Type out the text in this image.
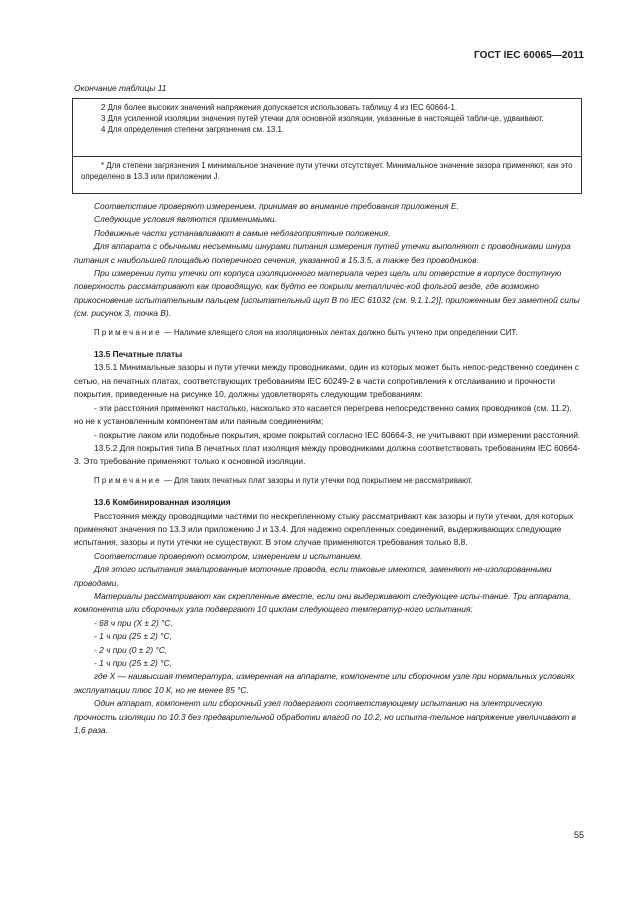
ГОСТ IEC 60065—2011
Окончание таблицы 11

2 Для более высоких значений напряжения допускается использовать таблицу 4 из IEC 60664-1.

3 Для усиленной изоляции значения путей утечки для основной изоляции, указанные в настоящей табли-це, удваивают.

4 Для определения степени загрязнения см. 13.1.

* Для степени загрязнения 1 минимальное значение пути утечки отсутствует. Минимальное значение зазора применяют, как это определено в 13.3 или приложении J.

Соответствие проверяют измерением, принимая во внимание требования приложения Е.

Следующие условия являются применимыми.

Подвижные части устанавливают в самые неблагоприятные положения.

Для аппарата с обычными несъемными шнурами питания измерения путей утечки выполняют с проводниками шнура питания с наибольшей площадью поперечного сечения, указанной в 15.3.5, а также без проводников.

При измерении пути утечки от корпуса изоляционного материала через щель или отверстие в корпусе доступную поверхность рассматривают как проводящую, как будто ее покрыли металличес-кой фольгой везде, где возможно прикосновение испытательным пальцем [испытательный щуп В по IEC 61032 (см. 9.1.1.2)], приложенным без заметной силы (см. рисунок 3, точка В).

Примечание — Наличие клеящего слоя на изоляционных лентах должно быть учтено при определении СИТ.

13.5 Печатные платы

13.5.1 Минимальные зазоры и пути утечки между проводниками, один из которых может быть непос-редственно соединен с сетью, на печатных платах, соответствующих требованиям IEC 60249-2 в части сопротивления к отслаиванию и прочности покрытия, приведенные на рисунке 10, должны удовлетворять следующим требованиям:

- эти расстояния применяют настолько, насколько это касается перегрева непосредственно самих проводников (см. 11.2), но не к установленным компонентам или паяным соединениям;

- покрытие лаком или подобные покрытия, кроме покрытий согласно IEC 60664-3, не учитывают при измерении расстояний.

13.5.2 Для покрытия типа В печатных плат изоляция между проводниками должна соответствовать требованиям IEC 60664-3. Это требование применяют только к основной изоляции.

Примечание — Для таких печатных плат зазоры и пути утечки под покрытием не рассматривают.

13.6 Комбинированная изоляция

Расстояния между проводящими частями по нескрепленному стыку рассматривают как зазоры и пути утечки, для которых применяют значения по 13.3 или приложению J и 13.4. Для надежно скрепленных соединений, выдерживающих следующие испытания, зазоры и пути утечки не существуют. В этом случае применяются требования только 8.8.

Соответствие проверяют осмотром, измерением и испытанием.

Для этого испытания эмалированные моточные провода, если таковые имеются, заменяют не-изолированными проводами.

Материалы рассматривают как скрепленные вместе, если они выдерживают следующее испы-тание. Три аппарата, компонента или сборочных узла подвергают 10 циклам следующего температур-ного испытания:

- 68 ч при (X ± 2) °C,

- 1 ч при (25 ± 2) °C,

- 2 ч при (0 ± 2) °C,

- 1 ч при (25 ± 2) °C,

где X — наивысшая температура, измеренная на аппарате, компоненте или сборочном узле при нормальных условиях эксплуатации плюс 10 К, но не менее 85 °C.

Один аппарат, компонент или сборочный узел подвергают соответствующему испытанию на электрическую прочность изоляции по 10.3 без предварительной обработки влагой по 10.2, но испыта-тельное напряжение увеличивают в 1,6 раза.

55
